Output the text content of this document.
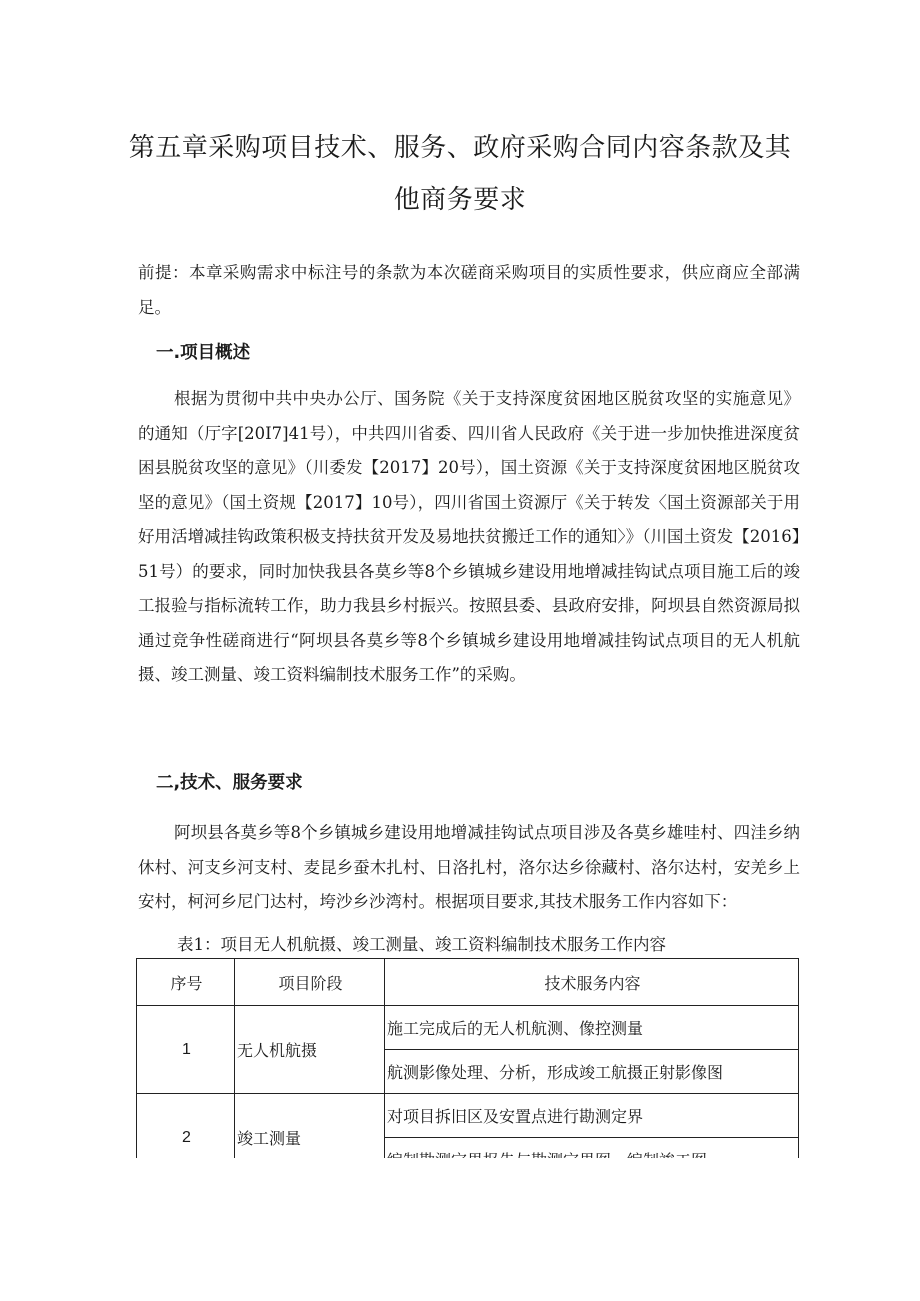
第五章采购项目技术、服务、政府采购合同内容条款及其
他商务要求
前提：本章采购需求中标注号的条款为本次磋商采购项目的实质性要求，供应商应全部满足。
一.项目概述
根据为贯彻中共中央办公厅、国务院《关于支持深度贫困地区脱贫攻坚的实施意见》的通知（厅字[20I7]41号），中共四川省委、四川省人民政府《关于进一步加快推进深度贫困县脱贫攻坚的意见》（川委发【2017】20号），国土资源《关于支持深度贫困地区脱贫攻坚的意见》（国土资规【2017】10号），四川省国土资源厅《关于转发〈国土资源部关于用好用活增减挂钩政策积极支持扶贫开发及易地扶贫搬迁工作的通知〉》（川国土资发【2016】51号）的要求，同时加快我县各莫乡等8个乡镇城乡建设用地增减挂钩试点项目施工后的竣工报验与指标流转工作，助力我县乡村振兴。按照县委、县政府安排，阿坝县自然资源局拟通过竞争性磋商进行“阿坝县各莫乡等8个乡镇城乡建设用地增减挂钩试点项目的无人机航摄、竣工测量、竣工资料编制技术服务工作”的采购。
二,技术、服务要求
阿坝县各莫乡等8个乡镇城乡建设用地增减挂钩试点项目涉及各莫乡雄哇村、四洼乡纳休村、河支乡河支村、麦昆乡蚕木扎村、日洛扎村，洛尔达乡徐藏村、洛尔达村，安羌乡上安村，柯河乡尼门达村，垮沙乡沙湾村。根据项目要求,其技术服务工作内容如下：
表1：项目无人机航摄、竣工测量、竣工资料编制技术服务工作内容
序号	项目阶段	技术服务内容
1	无人机航摄	施工完成后的无人机航测、像控测量
		航测影像处理、分析，形成竣工航摄正射影像图
2	竣工测量	对项目拆旧区及安置点进行勘测定界
